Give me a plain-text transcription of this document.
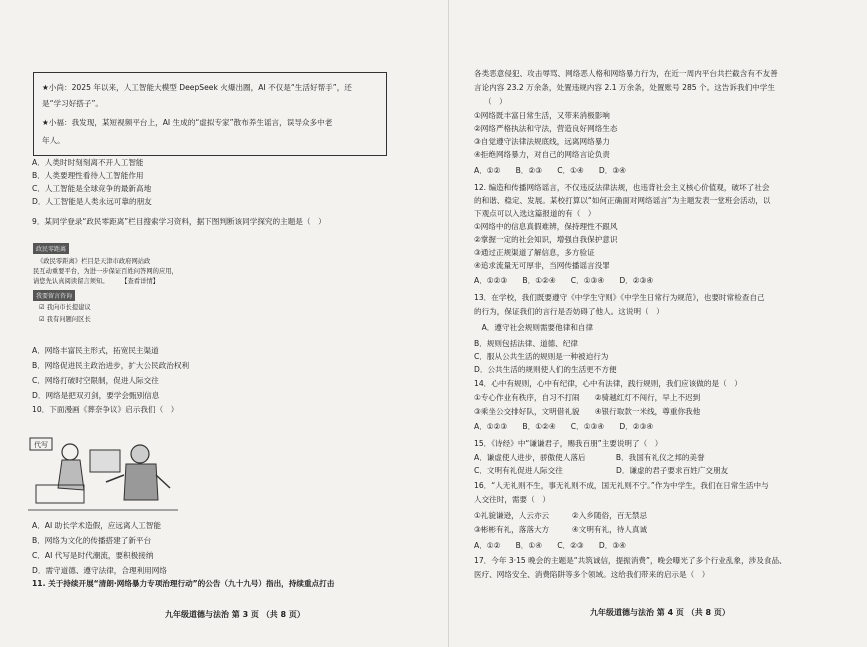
★小尚：2025 年以来，人工智能大模型 DeepSeek 火爆出圈，AI 不仅是“生活好帮手”，还
是“学习好搭子”。
★小福：我发现，某短视频平台上，AI 生成的“虚拟专家”散布养生谣言，误导众多中老
年人。
A．人类时时刻刻离不开人工智能
B．人类要理性看待人工智能作用
C．人工智能是全球竞争的最新高地
D．人工智能是人类永远可靠的朋友
9．某同学登录“政民零距离”栏目搜索学习资料，据下图判断该同学探究的主题是（　）
A．网络丰富民主形式，拓宽民主渠道
B．网络促进民主政治进步，扩大公民政治权利
C．网络打破时空限制，促进人际交往
D．网络是把双刃剑，要学会甄别信息
10．下面漫画《葬奈争议》启示我们（　）
A．AI 助长学术造假，应远离人工智能
B．网络为文化的传播搭建了新平台
C．AI 代写是时代潮流，要积极接纳
D．需守道德、遵守法律，合理利用网络
11. 关于持续开展“清朗·网络暴力专项治理行动”的公告（九十九号）指出，持续重点打击
政民零距离
《政民零距离》栏目是天津市政府网站政
民互动重要平台，为进一步保证百姓问答网的应用，
请您先认真阅读留言须知。　　　【查看详情】
我要留言咨询
☑ 我向市长提建议
☑ 我有问题问区长
代写
九年级道德与法治 第 3 页 （共 8 页）
各类恶意侵犯、攻击辱骂、网络恶人格和网络暴力行为，在近一周内平台共拦截含有不友善
言论内容 23.2 万余条，处置违规内容 2.1 万余条，处置账号 285 个。这告诉我们中学生
（　）
①网络既丰富日常生活，又带来消极影响
②网络严格执法和守法，营造良好网络生态
③自觉遵守法律法规底线，远离网络暴力
④拒绝网络暴力，对自己的网络言论负责
A．①②　　B．②③　　C．①④　　D．③④
12. 编造和传播网络谣言，不仅违反法律法规，也违背社会主义核心价值观，破坏了社会
的和谐、稳定、发展。某校打算以“如何正确面对网络谣言”为主题发表一堂班会活动，以
下观点可以入选这篇报道的有（　）
①网络中的信息真假难辨，保持理性不跟风
②掌握一定的社会知识，增强自我保护意识
③通过正规渠道了解信息，多方验证
④追求流量无可厚非，当网传播谣言没罪
A．①②③　　B．①②④　　C．①③④　　D．②③④
13．在学校，我们既要遵守《中学生守则》《中学生日常行为规范》，也要时常检查自己
的行为，保证我们的言行是否妨碍了他人。这说明（　）
　A．遵守社会规则需要他律和自律
B．规则包括法律、道德、纪律
C．服从公共生活的规则是一种被迫行为
D．公共生活的规则使人们的生活更不方便
14．心中有规则，心中有纪律，心中有法律，践行规则，我们应该做的是（　）
①专心作业有秩序，自习不打闹　　②骑越红灯不闯行，早上不迟到
③乘坐公交排好队，文明借礼貌　　④银行取款一米线，尊重你我他
A．①②③　　B．①②④　　C．①③④　　D．②③④
15．《诗经》中“谦谦君子，赐我百朋”主要说明了（　）
A．谦虚使人进步，骄傲使人落后　　　　B．我国有礼仪之邦的美誉
C．文明有礼促进人际交往　　　　　　　D．谦虚的君子要求百姓广交朋友
16．“人无礼则不生，事无礼则不成，国无礼则不宁。”作为中学生，我们在日常生活中与
人交往时，需要（　）
①礼貌谦逊，人云亦云　　　②入乡随俗，百无禁忌
③彬彬有礼，落落大方　　　④文明有礼，待人真诚
A．①②　　B．①④　　C．②③　　D．③④
17．今年 3·15 晚会的主题是“共筑诚信，提振消费”，晚会曝光了多个行业乱象，涉及食品、
医疗、网络安全、消费陷阱等多个领域。这给我们带来的启示是（　）
九年级道德与法治 第 4 页 （共 8 页）
